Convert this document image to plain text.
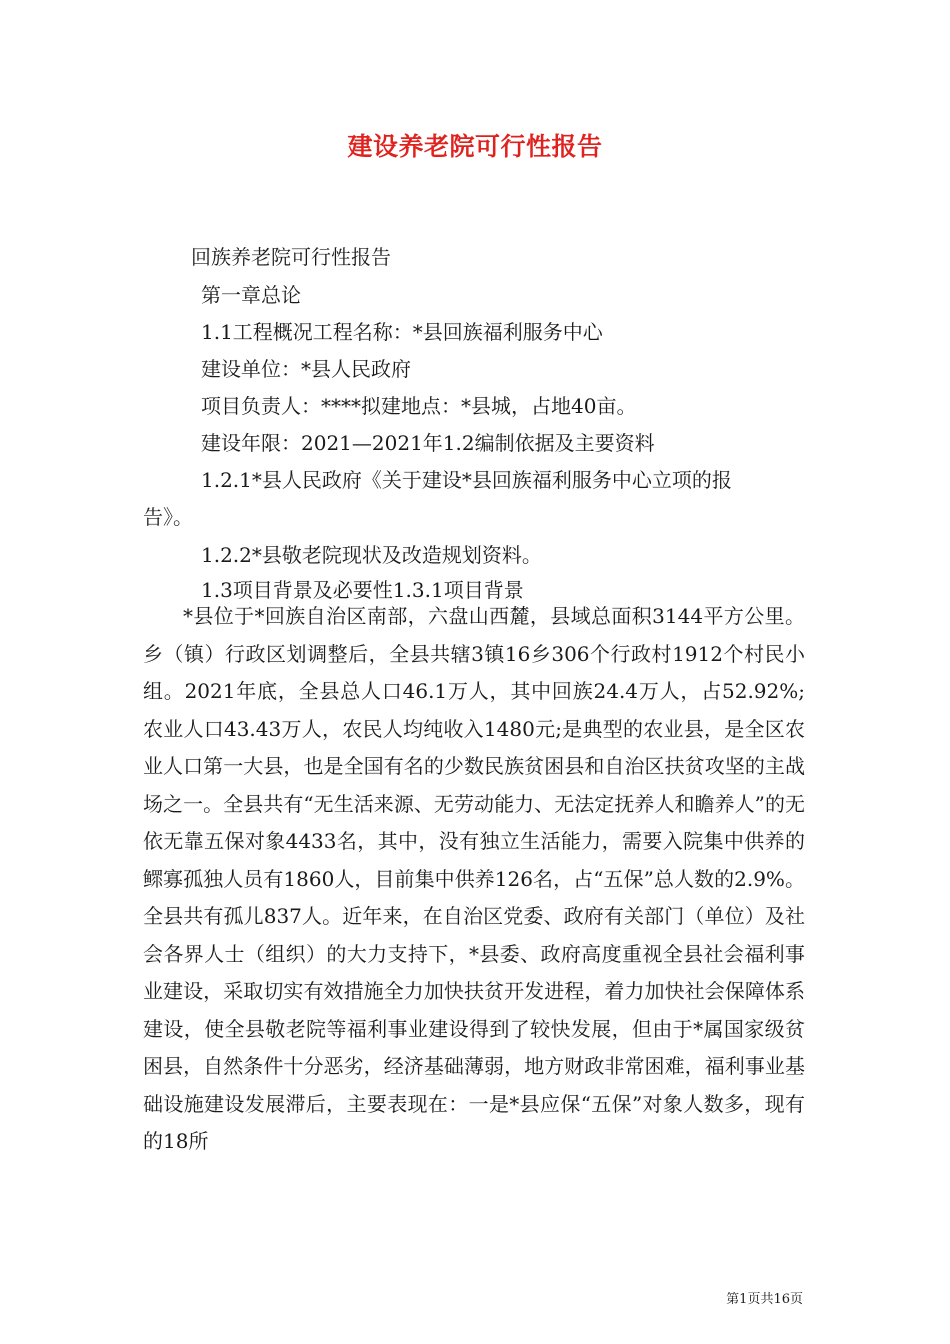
建设养老院可行性报告
回族养老院可行性报告
第一章总论
1.1工程概况工程名称：*县回族福利服务中心
建设单位：*县人民政府
项目负责人：****拟建地点：*县城，占地40亩。
建设年限：2021—2021年1.2编制依据及主要资料
1.2.1*县人民政府《关于建设*县回族福利服务中心立项的报
告》。
1.2.2*县敬老院现状及改造规划资料。
1.3项目背景及必要性1.3.1项目背景
*县位于*回族自治区南部，六盘山西麓，县域总面积3144平方公里。乡（镇）行政区划调整后，全县共辖3镇16乡306个行政村1912个村民小组。2021年底，全县总人口46.1万人，其中回族24.4万人，占52.92%;农业人口43.43万人，农民人均纯收入1480元;是典型的农业县，是全区农业人口第一大县，也是全国有名的少数民族贫困县和自治区扶贫攻坚的主战场之一。全县共有“无生活来源、无劳动能力、无法定抚养人和瞻养人”的无依无靠五保对象4433名，其中，没有独立生活能力，需要入院集中供养的鳏寡孤独人员有1860人，目前集中供养126名，占“五保”总人数的2.9%。全县共有孤儿837人。近年来，在自治区党委、政府有关部门（单位）及社会各界人士（组织）的大力支持下，*县委、政府高度重视全县社会福利事业建设，采取切实有效措施全力加快扶贫开发进程，着力加快社会保障体系建设，使全县敬老院等福利事业建设得到了较快发展，但由于*属国家级贫困县，自然条件十分恶劣，经济基础薄弱，地方财政非常困难，福利事业基础设施建设发展滞后，主要表现在：一是*县应保“五保”对象人数多，现有的18所
第1页共16页
